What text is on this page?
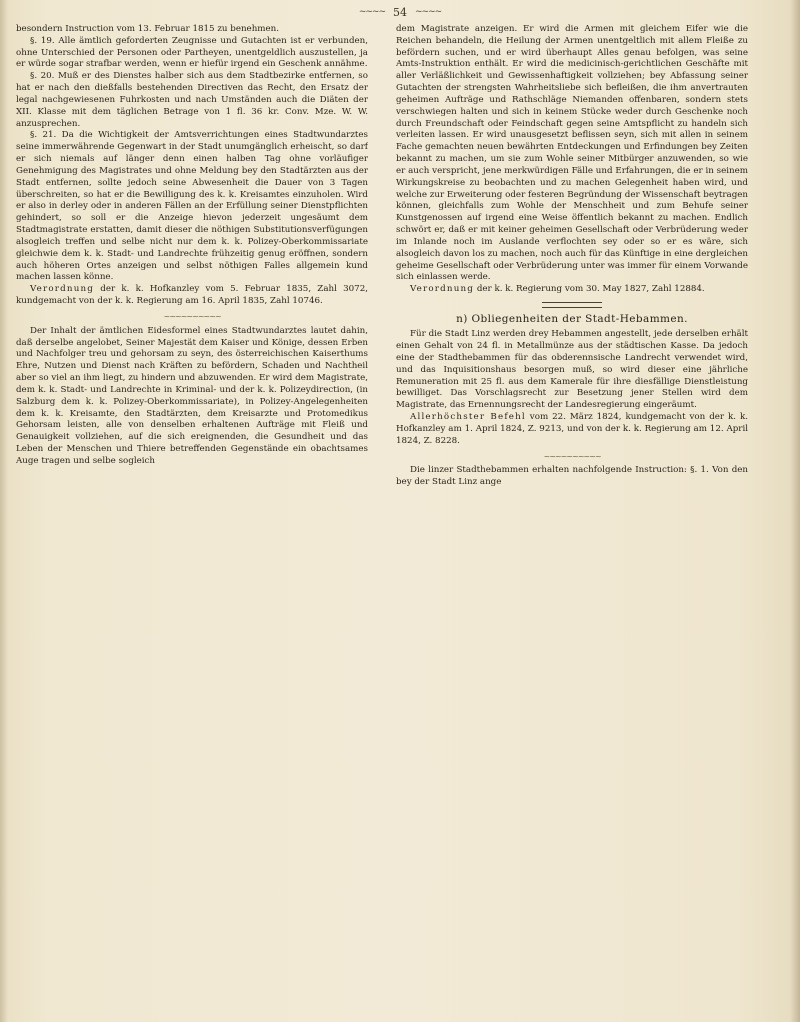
~~~~ 54 ~~~~

besondern Instruction vom 13. Februar 1815 zu benehmen.

§. 19. Alle ämtlich geforderten Zeugnisse und Gutachten ist er verbunden, ohne Unterschied der Personen oder Partheyen, unentgeldlich auszustellen, ja er würde sogar strafbar werden, wenn er hiefür irgend ein Geschenk annähme.

§. 20. Muß er des Dienstes halber sich aus dem Stadtbezirke entfernen, so hat er nach den dießfalls bestehenden Directiven das Recht, den Ersatz der legal nachgewiesenen Fuhrkosten und nach Umständen auch die Diäten der XII. Klasse mit dem täglichen Betrage von 1 fl. 36 kr. Conv. Mze. W. W. anzusprechen.

§. 21. Da die Wichtigkeit der Amtsverrichtungen eines Stadtwundarztes seine immerwährende Gegenwart in der Stadt unumgänglich erheischt, so darf er sich niemals auf länger denn einen halben Tag ohne vorläufiger Genehmigung des Magistrates und ohne Meldung bey den Stadtärzten aus der Stadt entfernen, sollte jedoch seine Abwesenheit die Dauer von 3 Tagen überschreiten, so hat er die Bewilligung des k. k. Kreisamtes einzuholen. Wird er also in derley oder in anderen Fällen an der Erfüllung seiner Dienstpflichten gehindert, so soll er die Anzeige hievon jederzeit ungesäumt dem Stadtmagistrate erstatten, damit dieser die nöthigen Substitutionsverfügungen alsogleich treffen und selbe nicht nur dem k. k. Polizey-Oberkommissariate gleichwie dem k. k. Stadt- und Landrechte frühzeitig genug eröffnen, sondern auch höheren Ortes anzeigen und selbst nöthigen Falles allgemein kund machen lassen könne.

Verordnung der k. k. Hofkanzley vom 5. Februar 1835, Zahl 3072, kundgemacht von der k. k. Regierung am 16. April 1835, Zahl 10746.

~~~~~~~~~~

Der Inhalt der ämtlichen Eidesformel eines Stadtwundarztes lautet dahin, daß derselbe angelobet, Seiner Majestät dem Kaiser und Könige, dessen Erben und Nachfolger treu und gehorsam zu seyn, des österreichischen Kaiserthums Ehre, Nutzen und Dienst nach Kräften zu befördern, Schaden und Nachtheil aber so viel an ihm liegt, zu hindern und abzuwenden. Er wird dem Magistrate, dem k. k. Stadt- und Landrechte in Kriminal- und der k. k. Polizeydirection, (in Salzburg dem k. k. Polizey-Oberkommissariate), in Polizey-Angelegenheiten dem k. k. Kreisamte, den Stadtärzten, dem Kreisarzte und Protomedikus Gehorsam leisten, alle von denselben erhaltenen Aufträge mit Fleiß und Genauigkeit vollziehen, auf die sich ereignenden, die Gesundheit und das Leben der Menschen und Thiere betreffenden Gegenstände ein obachtsames Auge tragen und selbe sogleich

dem Magistrate anzeigen. Er wird die Armen mit gleichem Eifer wie die Reichen behandeln, die Heilung der Armen unentgeltlich mit allem Fleiße zu befördern suchen, und er wird überhaupt Alles genau befolgen, was seine Amts-Instruktion enthält. Er wird die medicinisch-gerichtlichen Geschäfte mit aller Verläßlichkeit und Gewissenhaftigkeit vollziehen; bey Abfassung seiner Gutachten der strengsten Wahrheitsliebe sich befleißen, die ihm anvertrauten geheimen Aufträge und Rathschläge Niemanden offenbaren, sondern stets verschwiegen halten und sich in keinem Stücke weder durch Geschenke noch durch Freundschaft oder Feindschaft gegen seine Amtspflicht zu handeln sich verleiten lassen. Er wird unausgesetzt beflissen seyn, sich mit allen in seinem Fache gemachten neuen bewährten Entdeckungen und Erfindungen bey Zeiten bekannt zu machen, um sie zum Wohle seiner Mitbürger anzuwenden, so wie er auch verspricht, jene merkwürdigen Fälle und Erfahrungen, die er in seinem Wirkungskreise zu beobachten und zu machen Gelegenheit haben wird, und welche zur Erweiterung oder festeren Begründung der Wissenschaft beytragen können, gleichfalls zum Wohle der Menschheit und zum Behufe seiner Kunstgenossen auf irgend eine Weise öffentlich bekannt zu machen. Endlich schwört er, daß er mit keiner geheimen Gesellschaft oder Verbrüderung weder im Inlande noch im Auslande verflochten sey oder so er es wäre, sich alsogleich davon los zu machen, noch auch für das Künftige in eine dergleichen geheime Gesellschaft oder Verbrüderung unter was immer für einem Vorwande sich einlassen werde.

Verordnung der k. k. Regierung vom 30. May 1827, Zahl 12884.

n) Obliegenheiten der Stadt-Hebammen.

Für die Stadt Linz werden drey Hebammen angestellt, jede derselben erhält einen Gehalt von 24 fl. in Metallmünze aus der städtischen Kasse. Da jedoch eine der Stadthebammen für das obderennsische Landrecht verwendet wird, und das Inquisitionshaus besorgen muß, so wird dieser eine jährliche Remuneration mit 25 fl. aus dem Kamerale für ihre diesfällige Dienstleistung bewilliget. Das Vorschlagsrecht zur Besetzung jener Stellen wird dem Magistrate, das Ernennungsrecht der Landesregierung eingeräumt.

Allerhöchster Befehl vom 22. März 1824, kundgemacht von der k. k. Hofkanzley am 1. April 1824, Z. 9213, und von der k. k. Regierung am 12. April 1824, Z. 8228.

~~~~~~~~~~

Die linzer Stadthebammen erhalten nachfolgende Instruction: §. 1. Von den bey der Stadt Linz ange
